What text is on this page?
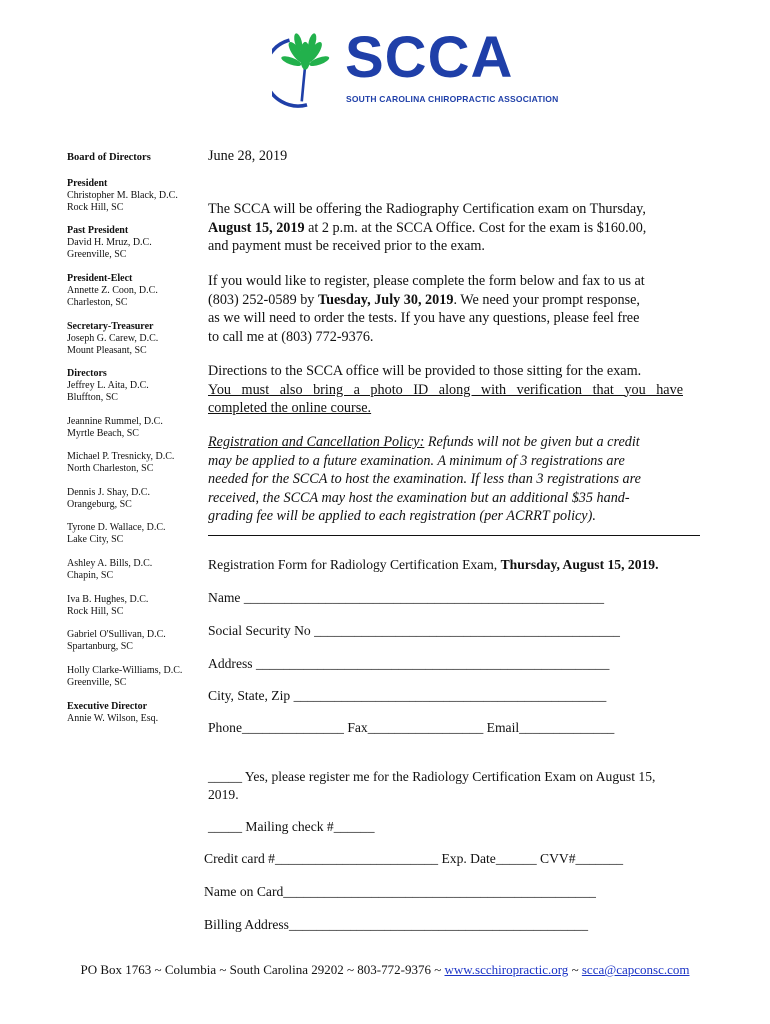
SCCA
SOUTH CAROLINA CHIROPRACTIC ASSOCIATION
Board of Directors
President
Christopher M. Black, D.C.
Rock Hill, SC
Past President
David H. Mruz, D.C.
Greenville, SC
President-Elect
Annette Z. Coon, D.C.
Charleston, SC
Secretary-Treasurer
Joseph G. Carew, D.C.
Mount Pleasant, SC
Directors
Jeffrey L. Aita, D.C.
Bluffton, SC
Jeannine Rummel, D.C.
Myrtle Beach, SC
Michael P. Tresnicky, D.C.
North Charleston, SC
Dennis J. Shay, D.C.
Orangeburg, SC
Tyrone D. Wallace, D.C.
Lake City, SC
Ashley A. Bills, D.C.
Chapin, SC
Iva B. Hughes, D.C.
Rock Hill, SC
Gabriel O'Sullivan, D.C.
Spartanburg, SC
Holly Clarke-Williams, D.C.
Greenville, SC
Executive Director
Annie W. Wilson, Esq.
June 28, 2019
The SCCA will be offering the Radiography Certification exam on Thursday,
August 15, 2019 at 2 p.m. at the SCCA Office. Cost for the exam is $160.00,
and payment must be received prior to the exam.
If you would like to register, please complete the form below and fax to us at
(803) 252-0589 by Tuesday, July 30, 2019. We need your prompt response,
as we will need to order the tests. If you have any questions, please feel free
to call me at (803) 772-9376.
Directions to the SCCA office will be provided to those sitting for the exam.
You must also bring a photo ID along with verification that you have
completed the online course.
Registration and Cancellation Policy: Refunds will not be given but a credit
may be applied to a future examination. A minimum of 3 registrations are
needed for the SCCA to host the examination. If less than 3 registrations are
received, the SCCA may host the examination but an additional $35 hand-
grading fee will be applied to each registration (per ACRRT policy).
Registration Form for Radiology Certification Exam, Thursday, August 15, 2019.
Name _____________________________________________________
Social Security No _____________________________________________
Address ____________________________________________________
City, State, Zip ______________________________________________
Phone_______________ Fax_________________ Email______________
_____ Yes, please register me for the Radiology Certification Exam on August 15,
2019.
_____ Mailing check #______
Credit card #________________________ Exp. Date______ CVV#_______
Name on Card______________________________________________
Billing Address____________________________________________
PO Box 1763 ~ Columbia ~ South Carolina 29202 ~ 803-772-9376 ~ www.scchiropractic.org ~ scca@capconsc.com
